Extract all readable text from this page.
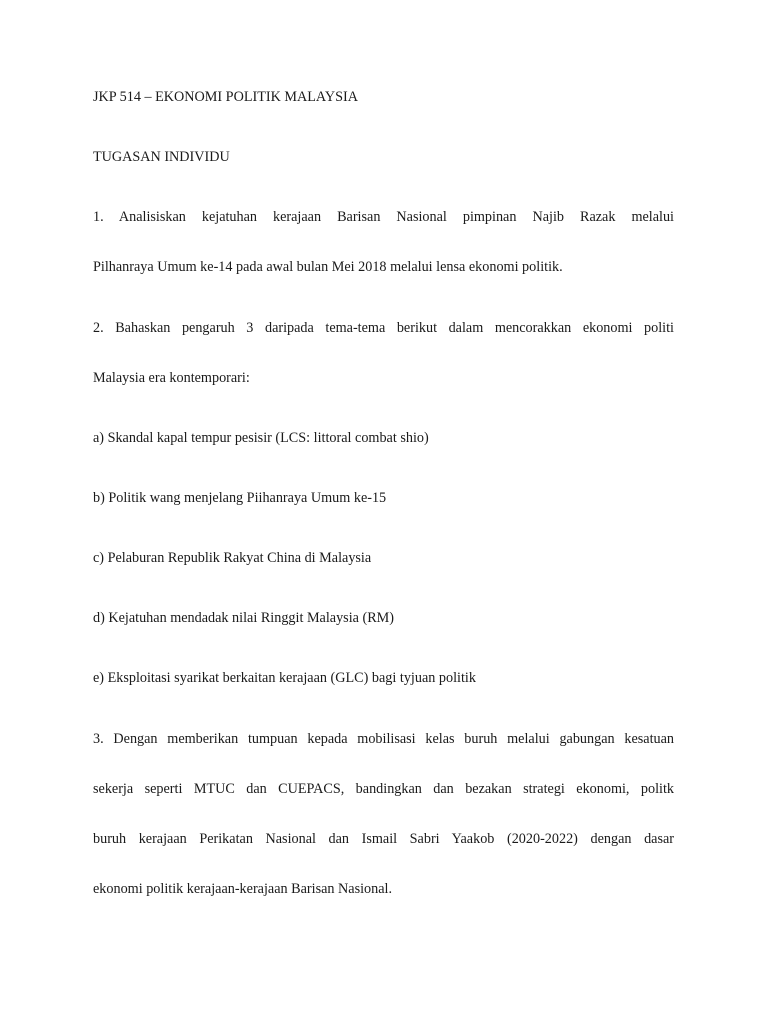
JKP 514 – EKONOMI POLITIK MALAYSIA
TUGASAN INDIVIDU
1. Analisiskan kejatuhan kerajaan Barisan Nasional pimpinan Najib Razak melalui
Pilhanraya Umum ke-14 pada awal bulan Mei 2018 melalui lensa ekonomi politik.
2. Bahaskan pengaruh 3 daripada tema-tema berikut dalam mencorakkan ekonomi politi
Malaysia era kontemporari:
a) Skandal kapal tempur pesisir (LCS: littoral combat shio)
b) Politik wang menjelang Piihanraya Umum ke-15
c) Pelaburan Republik Rakyat China di Malaysia
d) Kejatuhan mendadak nilai Ringgit Malaysia (RM)
e) Eksploitasi syarikat berkaitan kerajaan (GLC) bagi tyjuan politik
3. Dengan memberikan tumpuan kepada mobilisasi kelas buruh melalui gabungan kesatuan
sekerja seperti MTUC dan CUEPACS, bandingkan dan bezakan strategi ekonomi, politk
buruh kerajaan Perikatan Nasional dan Ismail Sabri Yaakob (2020-2022) dengan dasar
ekonomi politik kerajaan-kerajaan Barisan Nasional.
